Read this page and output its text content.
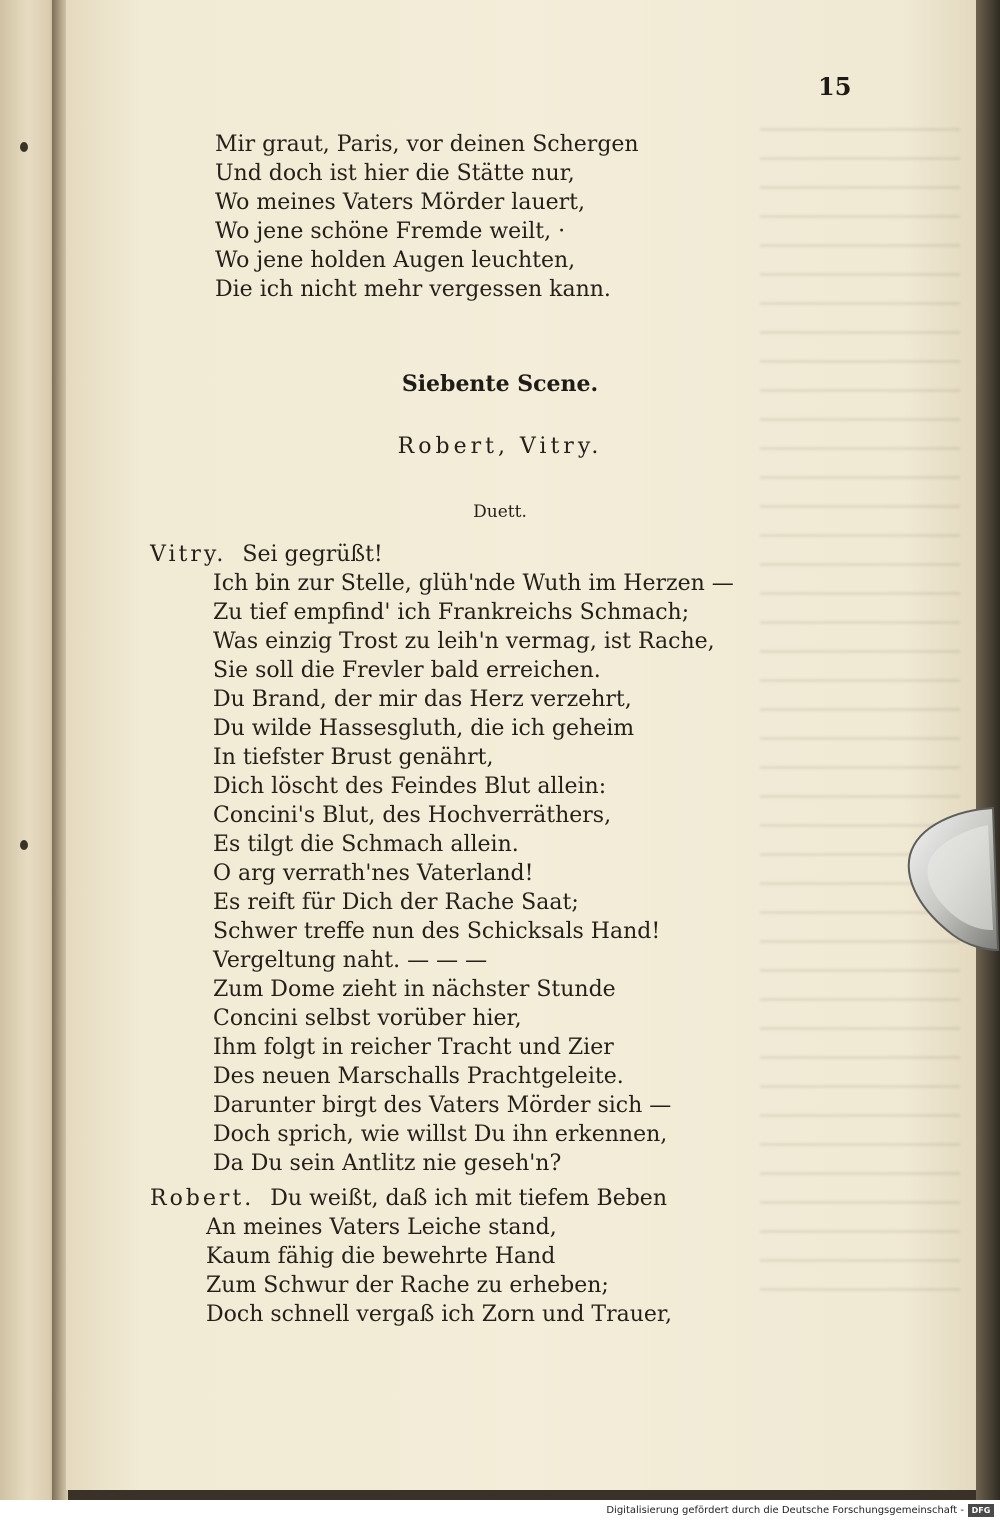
15
Mir graut, Paris, vor deinen Schergen
Und doch ist hier die Stätte nur,
Wo meines Vaters Mörder lauert,
Wo jene schöne Fremde weilt, ·
Wo jene holden Augen leuchten,
Die ich nicht mehr vergessen kann.
Siebente Scene.
Robert, Vitry.
Duett.
Vitry. Sei gegrüßt!
Ich bin zur Stelle, glüh'nde Wuth im Herzen —
Zu tief empfind' ich Frankreichs Schmach;
Was einzig Trost zu leih'n vermag, ist Rache,
Sie soll die Frevler bald erreichen.
Du Brand, der mir das Herz verzehrt,
Du wilde Hassesgluth, die ich geheim
In tiefster Brust genährt,
Dich löscht des Feindes Blut allein:
Concini's Blut, des Hochverräthers,
Es tilgt die Schmach allein.
O arg verrath'nes Vaterland!
Es reift für Dich der Rache Saat;
Schwer treffe nun des Schicksals Hand!
Vergeltung naht. — — —
Zum Dome zieht in nächster Stunde
Concini selbst vorüber hier,
Ihm folgt in reicher Tracht und Zier
Des neuen Marschalls Prachtgeleite.
Darunter birgt des Vaters Mörder sich —
Doch sprich, wie willst Du ihn erkennen,
Da Du sein Antlitz nie geseh'n?
Robert. Du weißt, daß ich mit tiefem Beben
An meines Vaters Leiche stand,
Kaum fähig die bewehrte Hand
Zum Schwur der Rache zu erheben;
Doch schnell vergaß ich Zorn und Trauer,
Digitalisierung gefördert durch die Deutsche Forschungsgemeinschaft - DFG
